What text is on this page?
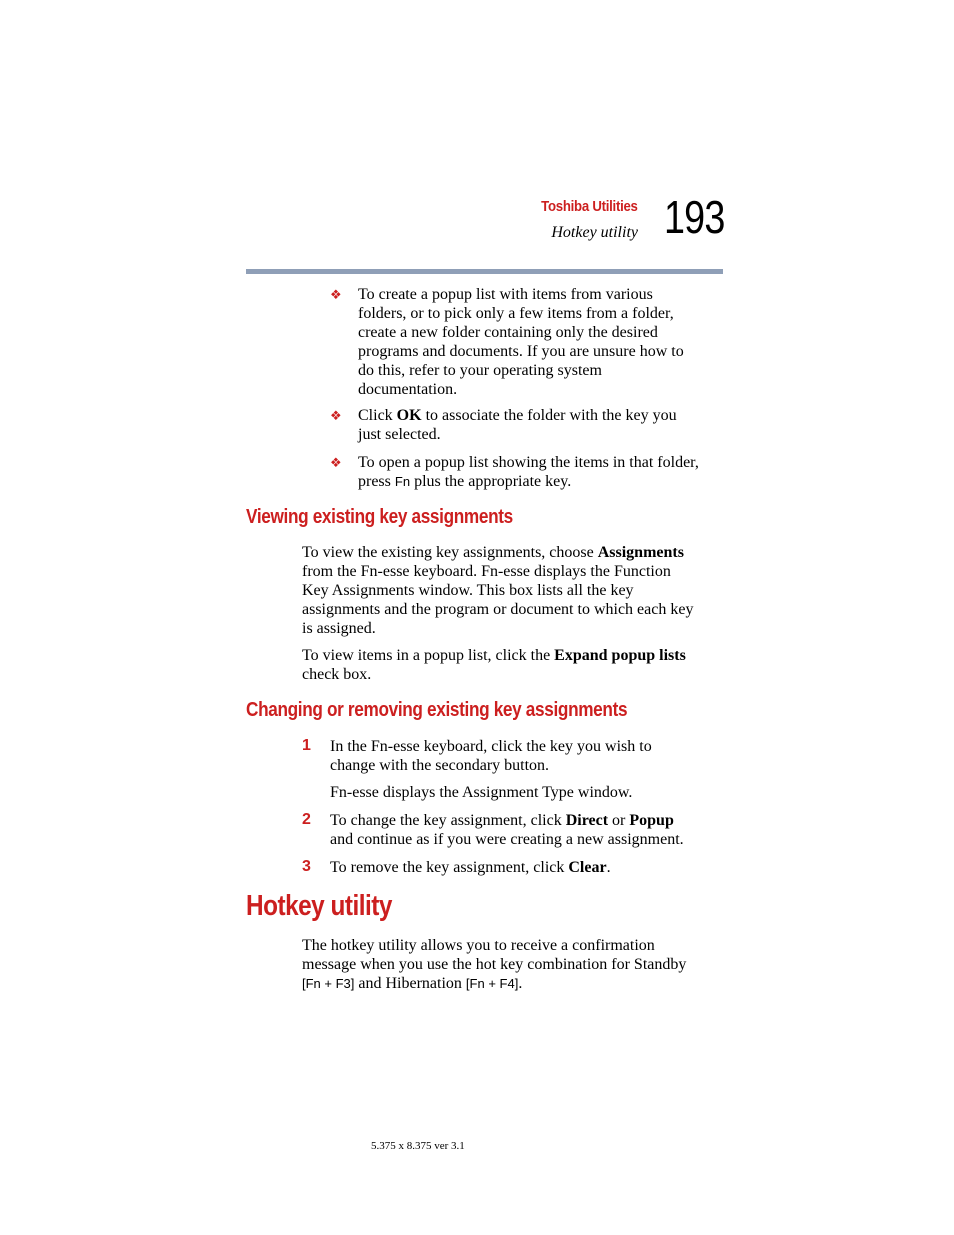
Toshiba Utilities
Hotkey utility 193
❖ To create a popup list with items from various
folders, or to pick only a few items from a folder,
create a new folder containing only the desired
programs and documents. If you are unsure how to
do this, refer to your operating system
documentation.
❖ Click OK to associate the folder with the key you
just selected.
❖ To open a popup list showing the items in that folder,
press Fn plus the appropriate key.
Viewing existing key assignments
To view the existing key assignments, choose Assignments
from the Fn-esse keyboard. Fn-esse displays the Function
Key Assignments window. This box lists all the key
assignments and the program or document to which each key
is assigned.
To view items in a popup list, click the Expand popup lists
check box.
Changing or removing existing key assignments
1 In the Fn-esse keyboard, click the key you wish to
change with the secondary button.
Fn-esse displays the Assignment Type window.
2 To change the key assignment, click Direct or Popup
and continue as if you were creating a new assignment.
3 To remove the key assignment, click Clear.
Hotkey utility
The hotkey utility allows you to receive a confirmation
message when you use the hot key combination for Standby
[Fn + F3] and Hibernation [Fn + F4].
5.375 x 8.375 ver 3.1
